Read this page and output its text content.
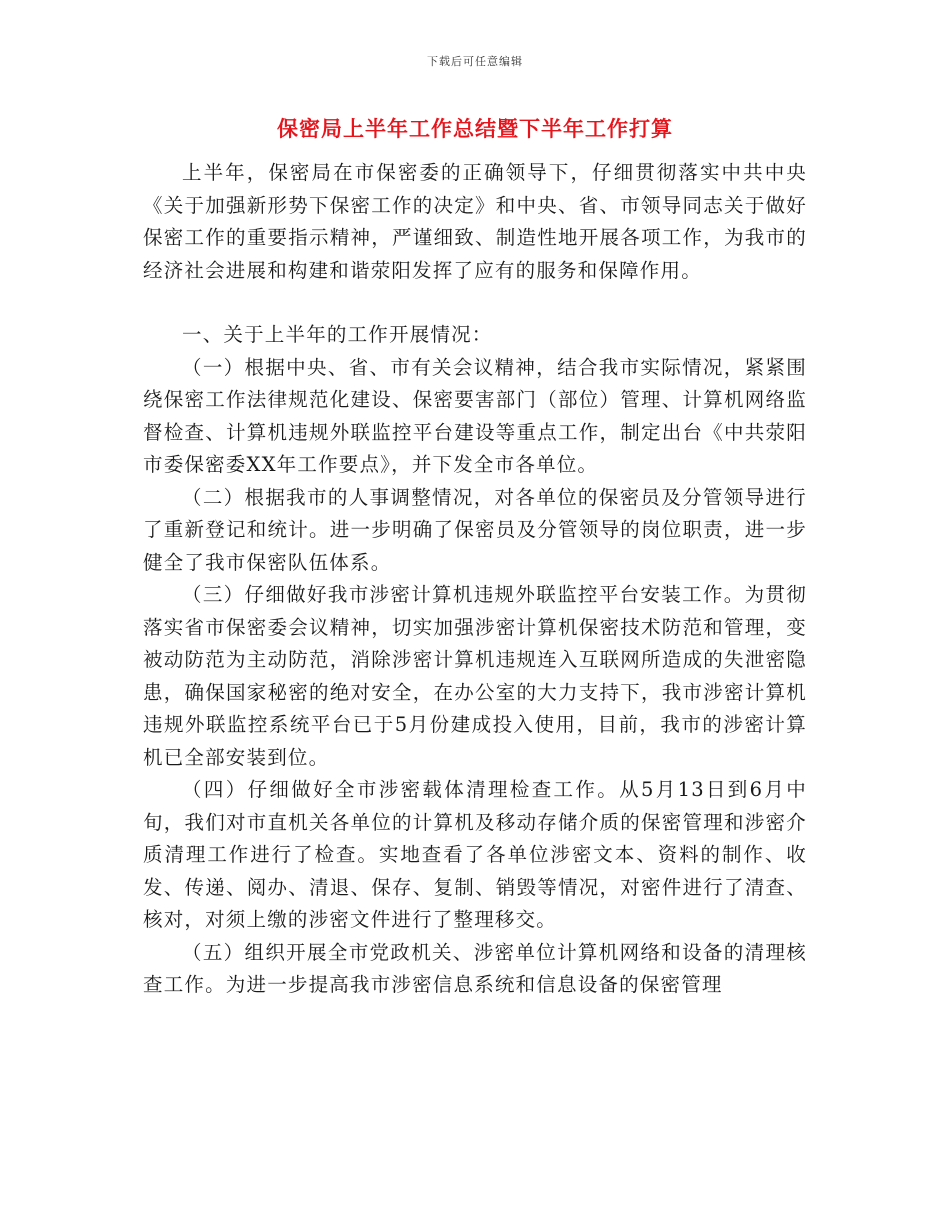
下载后可任意编辑
保密局上半年工作总结暨下半年工作打算

上半年，保密局在市保密委的正确领导下，仔细贯彻落实中共中央《关于加强新形势下保密工作的决定》和中央、省、市领导同志关于做好保密工作的重要指示精神，严谨细致、制造性地开展各项工作，为我市的经济社会进展和构建和谐荥阳发挥了应有的服务和保障作用。

一、关于上半年的工作开展情况：

（一）根据中央、省、市有关会议精神，结合我市实际情况，紧紧围绕保密工作法律规范化建设、保密要害部门（部位）管理、计算机网络监督检查、计算机违规外联监控平台建设等重点工作，制定出台《中共荥阳市委保密委XX年工作要点》，并下发全市各单位。

（二）根据我市的人事调整情况，对各单位的保密员及分管领导进行了重新登记和统计。进一步明确了保密员及分管领导的岗位职责，进一步健全了我市保密队伍体系。

（三）仔细做好我市涉密计算机违规外联监控平台安装工作。为贯彻落实省市保密委会议精神，切实加强涉密计算机保密技术防范和管理，变被动防范为主动防范，消除涉密计算机违规连入互联网所造成的失泄密隐患，确保国家秘密的绝对安全，在办公室的大力支持下，我市涉密计算机违规外联监控系统平台已于5月份建成投入使用，目前，我市的涉密计算机已全部安装到位。

（四）仔细做好全市涉密载体清理检查工作。从5月13日到6月中旬，我们对市直机关各单位的计算机及移动存储介质的保密管理和涉密介质清理工作进行了检查。实地查看了各单位涉密文本、资料的制作、收发、传递、阅办、清退、保存、复制、销毁等情况，对密件进行了清查、核对，对须上缴的涉密文件进行了整理移交。

（五）组织开展全市党政机关、涉密单位计算机网络和设备的清理核查工作。为进一步提高我市涉密信息系统和信息设备的保密管理
